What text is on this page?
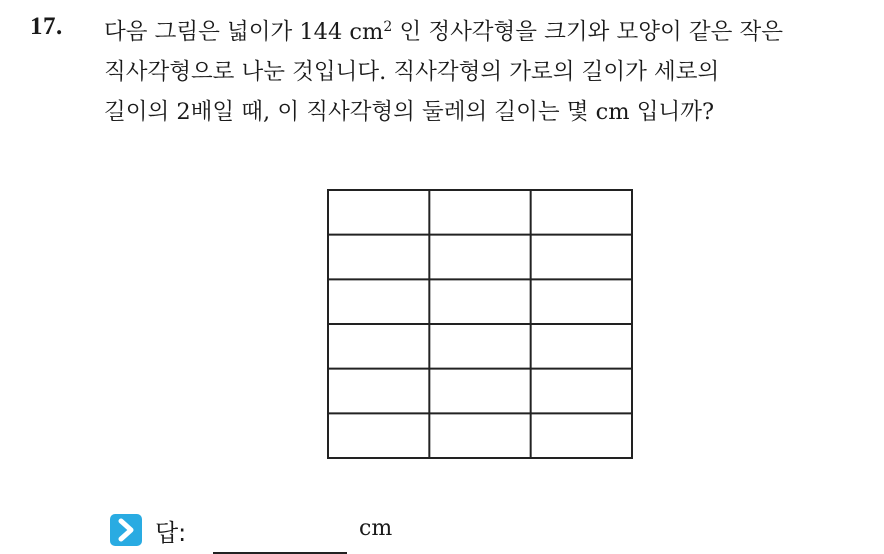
17. 다음 그림은 넓이가 144 $cm^2$ 인 정사각형을 크기와 모양이 같은 작은
직사각형으로 나눈 것입니다. 직사각형의 가로의 길이가 세로의
길이의 2배일 때, 이 직사각형의 둘레의 길이는 몇 cm 입니까?
답:	cm
